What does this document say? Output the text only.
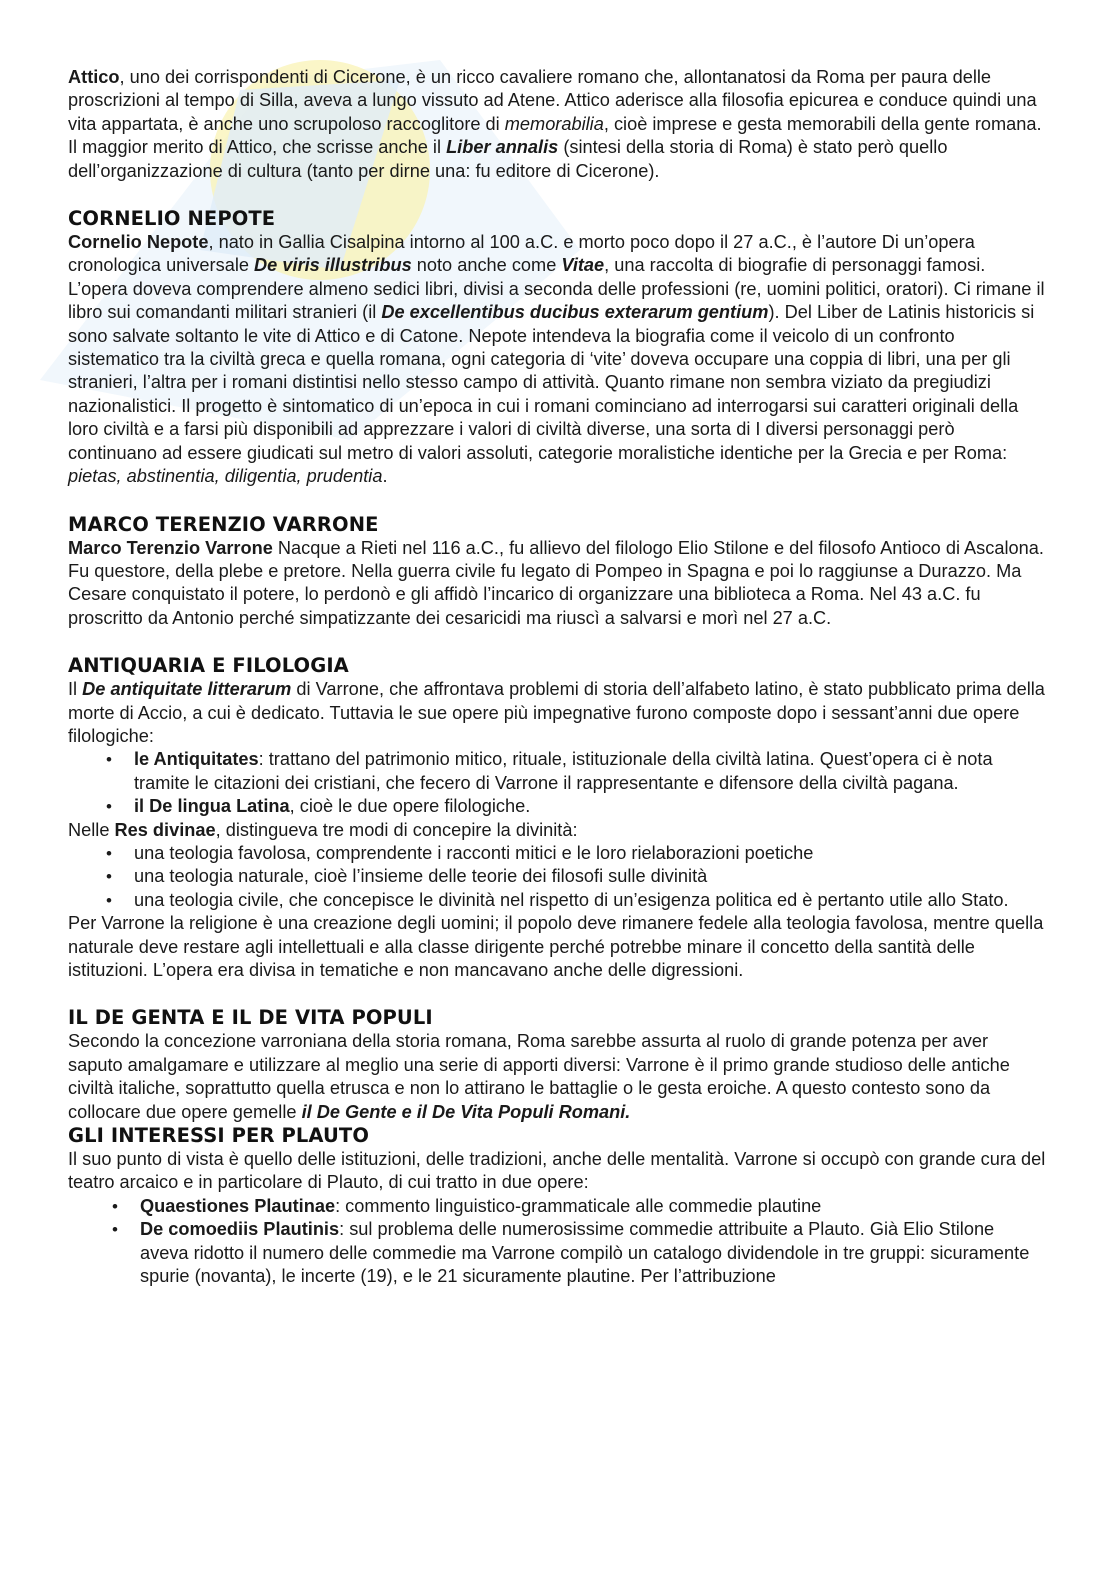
Attico, uno dei corrispondenti di Cicerone, è un ricco cavaliere romano che, allontanatosi da Roma per paura delle proscrizioni al tempo di Silla, aveva a lungo vissuto ad Atene. Attico aderisce alla filosofia epicurea e conduce quindi una vita appartata, è anche uno scrupoloso raccoglitore di memorabilia, cioè imprese e gesta memorabili della gente romana. Il maggior merito di Attico, che scrisse anche il Liber annalis (sintesi della storia di Roma) è stato però quello dell’organizzazione di cultura (tanto per dirne una: fu editore di Cicerone).

CORNELIO NEPOTE

Cornelio Nepote, nato in Gallia Cisalpina intorno al 100 a.C. e morto poco dopo il 27 a.C., è l’autore Di un’opera cronologica universale De viris illustribus noto anche come Vitae, una raccolta di biografie di personaggi famosi. L’opera doveva comprendere almeno sedici libri, divisi a seconda delle professioni (re, uomini politici, oratori). Ci rimane il libro sui comandanti militari stranieri (il De excellentibus ducibus exterarum gentium). Del Liber de Latinis historicis si sono salvate soltanto le vite di Attico e di Catone. Nepote intendeva la biografia come il veicolo di un confronto sistematico tra la civiltà greca e quella romana, ogni categoria di ‘vite’ doveva occupare una coppia di libri, una per gli stranieri, l’altra per i romani distintisi nello stesso campo di attività. Quanto rimane non sembra viziato da pregiudizi nazionalistici. Il progetto è sintomatico di un’epoca in cui i romani cominciano ad interrogarsi sui caratteri originali della loro civiltà e a farsi più disponibili ad apprezzare i valori di civiltà diverse, una sorta di I diversi personaggi però continuano ad essere giudicati sul metro di valori assoluti, categorie moralistiche identiche per la Grecia e per Roma: pietas, abstinentia, diligentia, prudentia.

MARCO TERENZIO VARRONE

Marco Terenzio Varrone Nacque a Rieti nel 116 a.C., fu allievo del filologo Elio Stilone e del filosofo Antioco di Ascalona. Fu questore, della plebe e pretore. Nella guerra civile fu legato di Pompeo in Spagna e poi lo raggiunse a Durazzo. Ma Cesare conquistato il potere, lo perdonò e gli affidò l’incarico di organizzare una biblioteca a Roma. Nel 43 a.C. fu proscritto da Antonio perché simpatizzante dei cesaricidi ma riuscì a salvarsi e morì nel 27 a.C.

ANTIQUARIA E FILOLOGIA

Il De antiquitate litterarum di Varrone, che affrontava problemi di storia dell’alfabeto latino, è stato pubblicato prima della morte di Accio, a cui è dedicato. Tuttavia le sue opere più impegnative furono composte dopo i sessant’anni due opere filologiche:

• le Antiquitates: trattano del patrimonio mitico, rituale, istituzionale della civiltà latina. Quest’opera ci è nota tramite le citazioni dei cristiani, che fecero di Varrone il rappresentante e difensore della civiltà pagana.
• il De lingua Latina, cioè le due opere filologiche.

Nelle Res divinae, distingueva tre modi di concepire la divinità:

• una teologia favolosa, comprendente i racconti mitici e le loro rielaborazioni poetiche
• una teologia naturale, cioè l’insieme delle teorie dei filosofi sulle divinità
• una teologia civile, che concepisce le divinità nel rispetto di un’esigenza politica ed è pertanto utile allo Stato.

Per Varrone la religione è una creazione degli uomini; il popolo deve rimanere fedele alla teologia favolosa, mentre quella naturale deve restare agli intellettuali e alla classe dirigente perché potrebbe minare il concetto della santità delle istituzioni. L’opera era divisa in tematiche e non mancavano anche delle digressioni.

IL DE GENTA E IL DE VITA POPULI

Secondo la concezione varroniana della storia romana, Roma sarebbe assurta al ruolo di grande potenza per aver saputo amalgamare e utilizzare al meglio una serie di apporti diversi: Varrone è il primo grande studioso delle antiche civiltà italiche, soprattutto quella etrusca e non lo attirano le battaglie o le gesta eroiche. A questo contesto sono da collocare due opere gemelle il De Gente e il De Vita Populi Romani.

GLI INTERESSI PER PLAUTO

Il suo punto di vista è quello delle istituzioni, delle tradizioni, anche delle mentalità. Varrone si occupò con grande cura del teatro arcaico e in particolare di Plauto, di cui tratto in due opere:

• Quaestiones Plautinae: commento linguistico-grammaticale alle commedie plautine
• De comoediis Plautinis: sul problema delle numerosissime commedie attribuite a Plauto. Già Elio Stilone aveva ridotto il numero delle commedie ma Varrone compilò un catalogo dividendole in tre gruppi: sicuramente spurie (novanta), le incerte (19), e le 21 sicuramente plautine. Per l’attribuzione
